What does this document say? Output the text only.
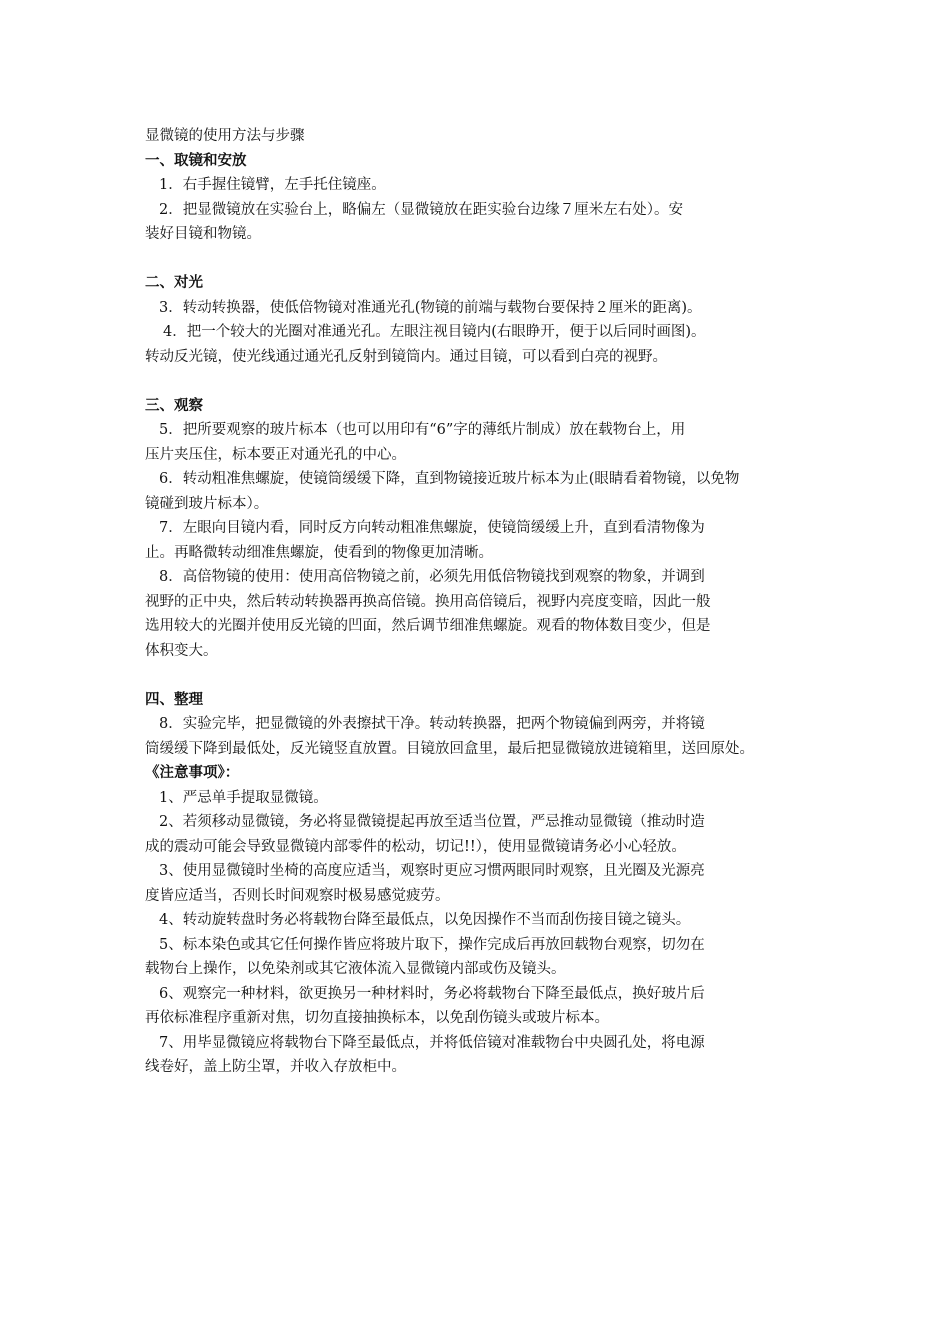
显微镜的使用方法与步骤
一、取镜和安放
1．右手握住镜臂，左手托住镜座。
2．把显微镜放在实验台上，略偏左（显微镜放在距实验台边缘７厘米左右处）。安
装好目镜和物镜。
二、对光
3．转动转换器，使低倍物镜对准通光孔(物镜的前端与载物台要保持２厘米的距离)。
4．把一个较大的光圈对准通光孔。左眼注视目镜内(右眼睁开，便于以后同时画图)。
转动反光镜，使光线通过通光孔反射到镜筒内。通过目镜，可以看到白亮的视野。
三、观察
5．把所要观察的玻片标本（也可以用印有“6”字的薄纸片制成）放在载物台上，用
压片夹压住，标本要正对通光孔的中心。
6．转动粗准焦螺旋，使镜筒缓缓下降，直到物镜接近玻片标本为止(眼睛看着物镜，以免物
镜碰到玻片标本）。
7．左眼向目镜内看，同时反方向转动粗准焦螺旋，使镜筒缓缓上升，直到看清物像为
止。再略微转动细准焦螺旋，使看到的物像更加清晰。
8．高倍物镜的使用：使用高倍物镜之前，必须先用低倍物镜找到观察的物象，并调到
视野的正中央，然后转动转换器再换高倍镜。换用高倍镜后，视野内亮度变暗，因此一般
选用较大的光圈并使用反光镜的凹面，然后调节细准焦螺旋。观看的物体数目变少，但是
体积变大。
四、整理
8．实验完毕，把显微镜的外表擦拭干净。转动转换器，把两个物镜偏到两旁，并将镜
筒缓缓下降到最低处，反光镜竖直放置。目镜放回盒里，最后把显微镜放进镜箱里，送回原处。
《注意事项》：
1、严忌单手提取显微镜。
2、若须移动显微镜，务必将显微镜提起再放至适当位置，严忌推动显微镜（推动时造
成的震动可能会导致显微镜内部零件的松动，切记!!），使用显微镜请务必小心轻放。
3、使用显微镜时坐椅的高度应适当，观察时更应习惯两眼同时观察，且光圈及光源亮
度皆应适当，否则长时间观察时极易感觉疲劳。
4、转动旋转盘时务必将载物台降至最低点，以免因操作不当而刮伤接目镜之镜头。
5、标本染色或其它任何操作皆应将玻片取下，操作完成后再放回载物台观察，切勿在
载物台上操作，以免染剂或其它液体流入显微镜内部或伤及镜头。
6、观察完一种材料，欲更换另一种材料时，务必将载物台下降至最低点，换好玻片后
再依标准程序重新对焦，切勿直接抽换标本，以免刮伤镜头或玻片标本。
7、用毕显微镜应将载物台下降至最低点，并将低倍镜对准载物台中央圆孔处，将电源
线卷好，盖上防尘罩，并收入存放柜中。
